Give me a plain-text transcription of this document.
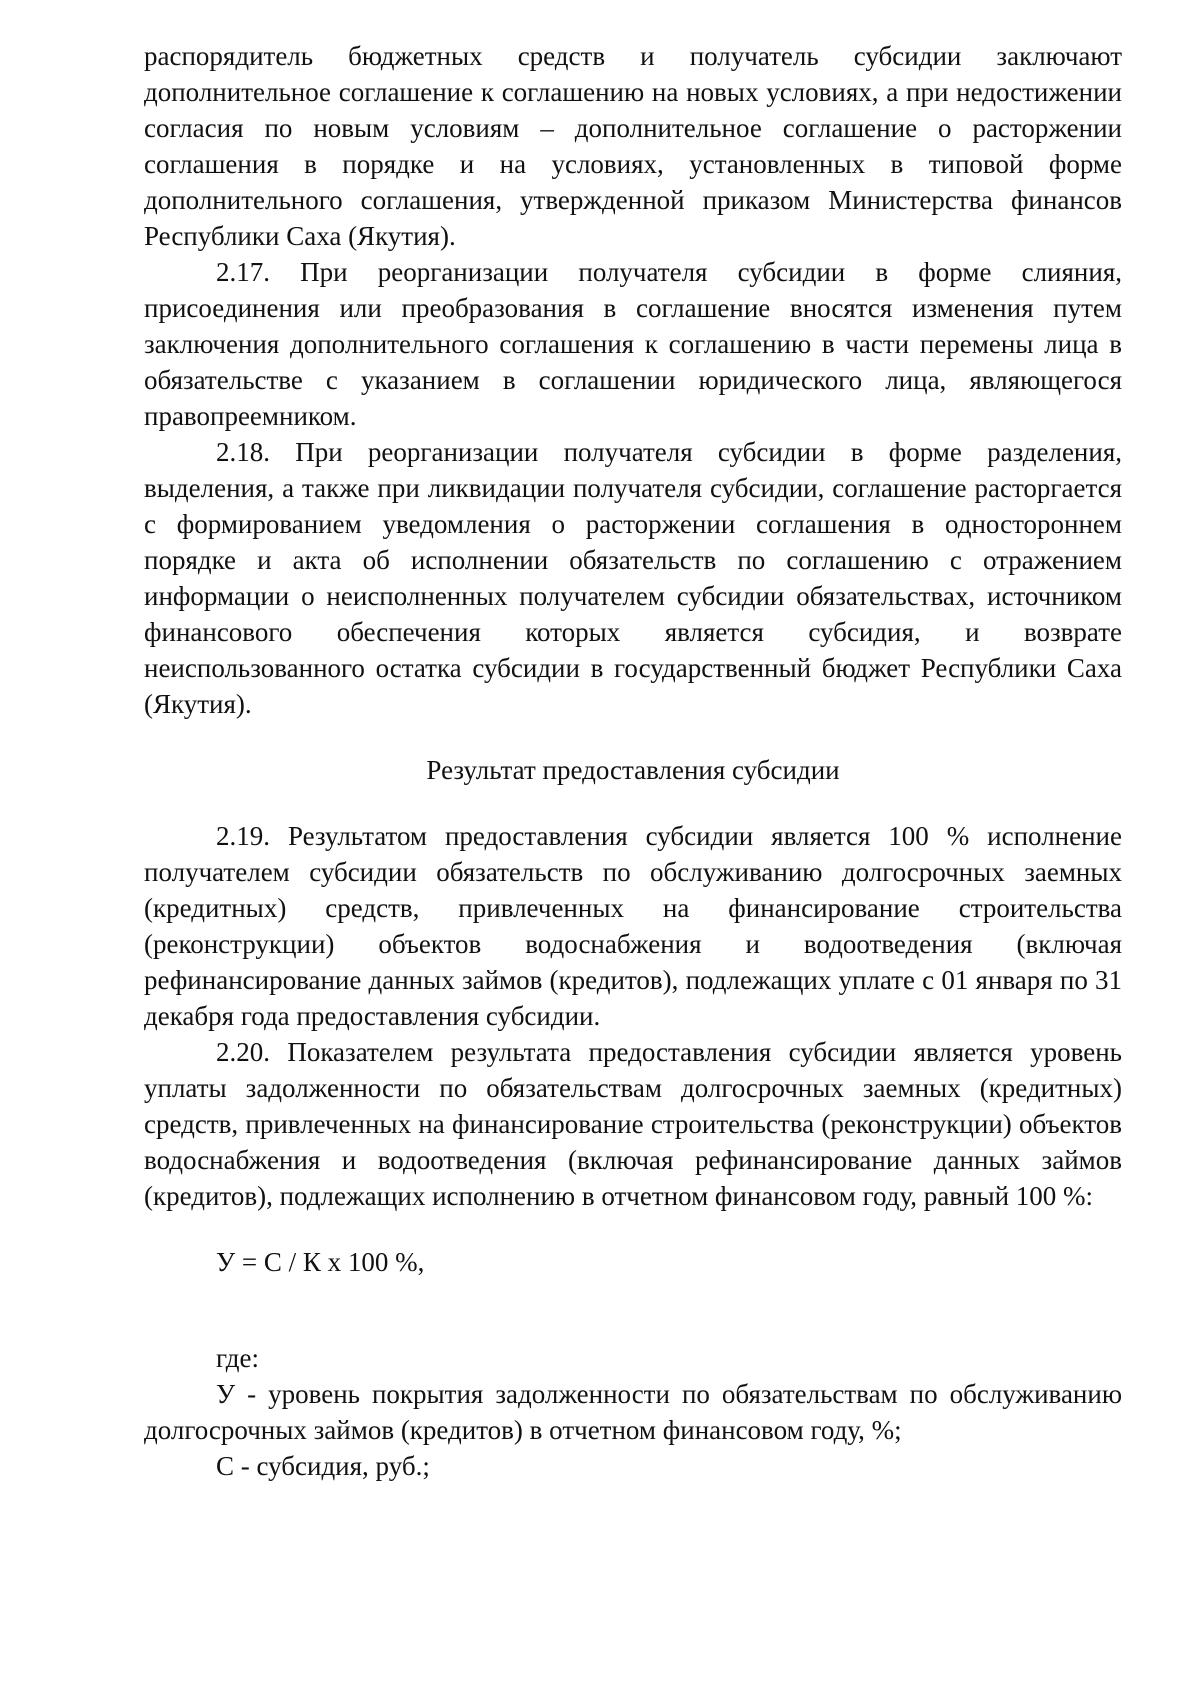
распорядитель бюджетных средств и получатель субсидии заключают дополнительное соглашение к соглашению на новых условиях, а при недостижении согласия по новым условиям – дополнительное соглашение о расторжении соглашения в порядке и на условиях, установленных в типовой форме дополнительного соглашения, утвержденной приказом Министерства финансов Республики Саха (Якутия).

2.17. При реорганизации получателя субсидии в форме слияния, присоединения или преобразования в соглашение вносятся изменения путем заключения дополнительного соглашения к соглашению в части перемены лица в обязательстве с указанием в соглашении юридического лица, являющегося правопреемником.

2.18. При реорганизации получателя субсидии в форме разделения, выделения, а также при ликвидации получателя субсидии, соглашение расторгается с формированием уведомления о расторжении соглашения в одностороннем порядке и акта об исполнении обязательств по соглашению с отражением информации о неисполненных получателем субсидии обязательствах, источником финансового обеспечения которых является субсидия, и возврате неиспользованного остатка субсидии в государственный бюджет Республики Саха (Якутия).

Результат предоставления субсидии

2.19. Результатом предоставления субсидии является 100 % исполнение получателем субсидии обязательств по обслуживанию долгосрочных заемных (кредитных) средств, привлеченных на финансирование строительства (реконструкции) объектов водоснабжения и водоотведения (включая рефинансирование данных займов (кредитов), подлежащих уплате с 01 января по 31 декабря года предоставления субсидии.

2.20. Показателем результата предоставления субсидии является уровень уплаты задолженности по обязательствам долгосрочных заемных (кредитных) средств, привлеченных на финансирование строительства (реконструкции) объектов водоснабжения и водоотведения (включая рефинансирование данных займов (кредитов), подлежащих исполнению в отчетном финансовом году, равный 100 %:

У = С / К х 100 %,

где:

У - уровень покрытия задолженности по обязательствам по обслуживанию долгосрочных займов (кредитов) в отчетном финансовом году, %;

С - субсидия, руб.;
